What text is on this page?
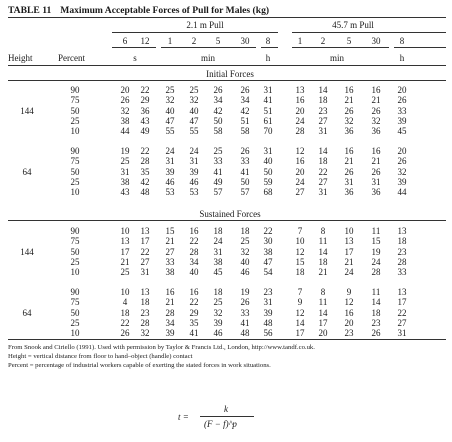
TABLE 11 Maximum Acceptable Forces of Pull for Males (kg)
2.1 m Pull	45.7 m Pull
6	12	1	2	5	30	8	1	2	5	30	8
Height	Percent	s	min	h	min	h
Initial Forces
144
90	20	22	25	25	26	26	31	13	14	16	16	20
75	26	29	32	32	34	34	41	16	18	21	21	26
50	32	36	40	40	42	42	51	20	23	26	26	33
25	38	43	47	47	50	51	61	24	27	32	32	39
10	44	49	55	55	58	58	70	28	31	36	36	45
64
90	19	22	24	24	25	26	31	12	14	16	16	20
75	25	28	31	31	33	33	40	16	18	21	21	26
50	31	35	39	39	41	41	50	20	22	26	26	32
25	38	42	46	46	49	50	59	24	27	31	31	39
10	43	48	53	53	57	57	68	27	31	36	36	44
Sustained Forces
144
90	10	13	15	16	18	18	22	7	8	10	11	13
75	13	17	21	22	24	25	30	10	11	13	15	18
50	17	22	27	28	31	32	38	12	14	17	19	23
25	21	27	33	34	38	40	47	15	18	21	24	28
10	25	31	38	40	45	46	54	18	21	24	28	33
64
90	10	13	16	16	18	19	23	7	8	9	11	13
75	4	18	21	22	25	26	31	9	11	12	14	17
50	18	23	28	29	32	33	39	12	14	16	18	22
25	22	28	34	35	39	41	48	14	17	20	23	27
10	26	32	39	41	46	48	56	17	20	23	26	31
From Snook and Ciriello (1991). Used with permission by Taylor & Francis Ltd., London, http://www.tandf.co.uk.
Height = vertical distance from floor to hand–object (handle) contact
Percent = percentage of industrial workers capable of exerting the stated forces in work situations.
t =
k
(F − f)^p
